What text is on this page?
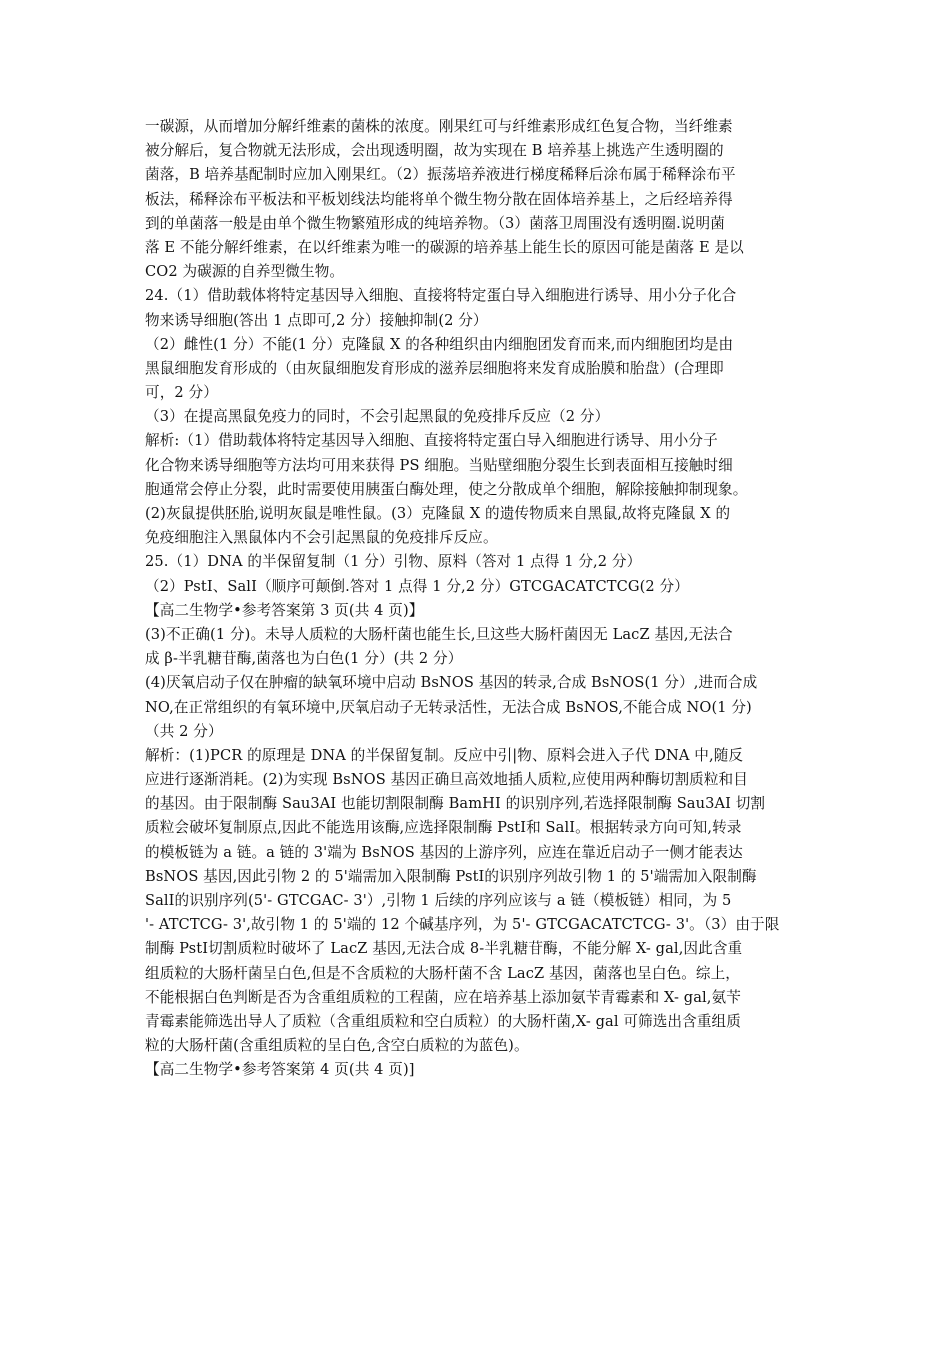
一碳源，从而增加分解纤维素的菌株的浓度。刚果红可与纤维素形成红色复合物，当纤维素
被分解后，复合物就无法形成，会出现透明圈，故为实现在 B 培养基上挑选产生透明圈的
菌落，B 培养基配制时应加入刚果红。（2）振荡培养液进行梯度稀释后涂布属于稀释涂布平
板法，稀释涂布平板法和平板划线法均能将单个微生物分散在固体培养基上，之后经培养得
到的单菌落一般是由单个微生物繁殖形成的纯培养物。（3）菌落卫周围没有透明圈.说明菌
落 E 不能分解纤维素，在以纤维素为唯一的碳源的培养基上能生长的原因可能是菌落 E 是以
CO2 为碳源的自养型微生物。
24.（1）借助载体将特定基因导入细胞、直接将特定蛋白导入细胞进行诱导、用小分子化合
物来诱导细胞(答出 1 点即可,2 分）接触抑制(2 分）
（2）雌性(1 分）不能(1 分）克隆鼠 X 的各种组织由内细胞团发育而来,而内细胞团均是由
黑鼠细胞发育形成的（由灰鼠细胞发育形成的滋养层细胞将来发育成胎膜和胎盘）(合理即
可，2 分）
（3）在提高黑鼠免疫力的同时，不会引起黑鼠的免疫排斥反应（2 分）
解析:（1）借助载体将特定基因导入细胞、直接将特定蛋白导入细胞进行诱导、用小分子
化合物来诱导细胞等方法均可用来获得 PS 细胞。当贴壁细胞分裂生长到表面相互接触时细
胞通常会停止分裂，此时需要使用胰蛋白酶处理，使之分散成单个细胞，解除接触抑制现象。
(2)灰鼠提供胚胎,说明灰鼠是唯性鼠。(3）克隆鼠 X 的遗传物质来自黑鼠,故将克隆鼠 X 的
免疫细胞注入黑鼠体内不会引起黑鼠的免疫排斥反应。
25.（1）DNA 的半保留复制（1 分）引物、原料（答对 1 点得 1 分,2 分）
（2）PstI、SalI（顺序可颠倒.答对 1 点得 1 分,2 分）GTCGACATCTCG(2 分）
【高二生物学•参考答案第 3 页(共 4 页)】
(3)不正确(1 分)。未导人质粒的大肠杆菌也能生长,旦这些大肠杆菌因无 LacZ 基因,无法合
成 β-半乳糖苷酶,菌落也为白色(1 分）(共 2 分）
(4)厌氧启动子仅在肿瘤的缺氧环境中启动 BsNOS 基因的转录,合成 BsNOS(1 分）,进而合成
NO,在正常组织的有氧环境中,厌氧启动子无转录活性，无法合成 BsNOS,不能合成 NO(1 分)
（共 2 分）
解析：(1)PCR 的原理是 DNA 的半保留复制。反应中引|物、原料会进入子代 DNA 中,随反
应进行逐渐消耗。(2)为实现 BsNOS 基因正确旦高效地插人质粒,应使用两种酶切割质粒和目
的基因。由于限制酶 Sau3AI 也能切割限制酶 BamHI 的识别序列,若选择限制酶 Sau3AI 切割
质粒会破坏复制原点,因此不能选用该酶,应选择限制酶 PstⅠ和 SalI。根据转录方向可知,转录
的模板链为 a 链。a 链的 3'端为 BsNOS 基因的上游序列，应连在靠近启动子一侧才能表达
BsNOS 基因,因此引物 2 的 5'端需加入限制酶 PstⅠ的识别序列故引物 1 的 5'端需加入限制酶
SalⅠ的识别序列(5'- GTCGAC- 3'）,引物 1 后续的序列应该与 a 链（模板链）相同，为 5
'- ATCTCG- 3',故引物 1 的 5'端的 12 个碱基序列，为 5'- GTCGACATCTCG- 3'。（3）由于限
制酶 PstⅠ切割质粒时破坏了 LacZ 基因,无法合成 8-半乳糖苷酶，不能分解 X- gal,因此含重
组质粒的大肠杆菌呈白色,但是不含质粒的大肠杆菌不含 LacZ 基因，菌落也呈白色。综上，
不能根据白色判断是否为含重组质粒的工程菌，应在培养基上添加氨苄青霉素和 X- gal,氨苄
青霉素能筛选出导人了质粒（含重组质粒和空白质粒）的大肠杆菌,X- gal 可筛选出含重组质
粒的大肠杆菌(含重组质粒的呈白色,含空白质粒的为蓝色)。
【高二生物学•参考答案第 4 页(共 4 页)]
